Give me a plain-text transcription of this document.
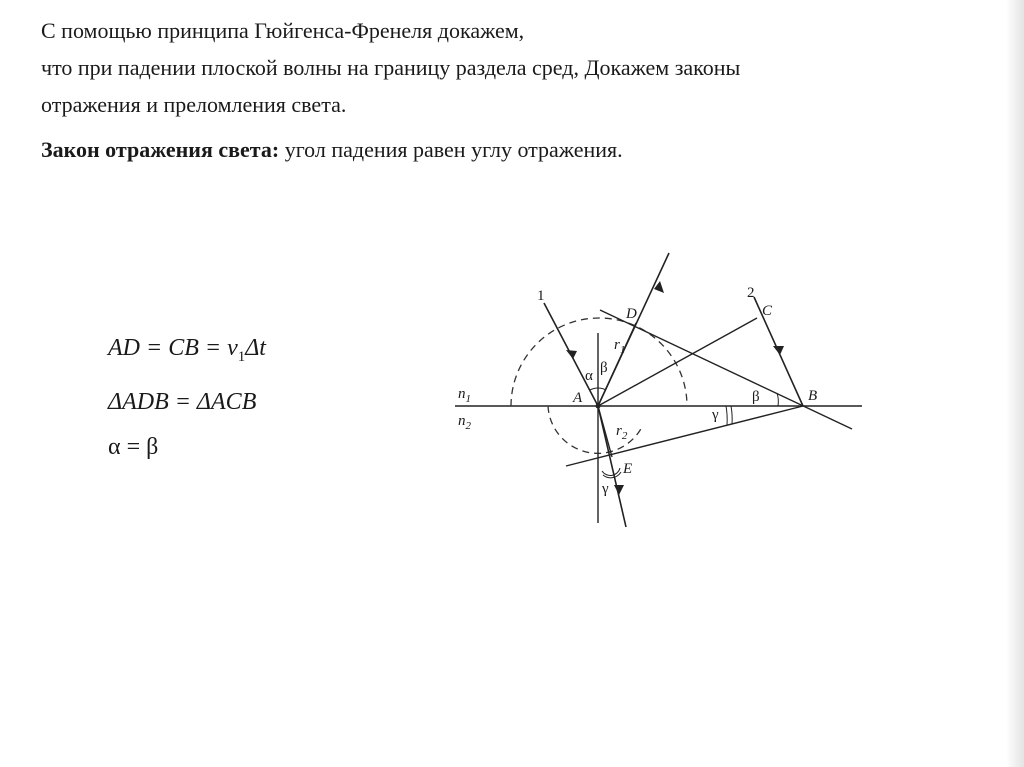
С помощью принципа Гюйгенса-Френеля докажем,

что при падении плоской волны на границу раздела сред, Докажем законы

отражения и преломления света.

Закон отражения света: угол падения равен углу отражения.

AD = CB = $v_1\Delta t$
ΔADB = ΔACB
α = β
1	2
A	B
C
D
E
$n_1$
$n_2$
$r_1$
$r_2$
α β
β
γ
γ
